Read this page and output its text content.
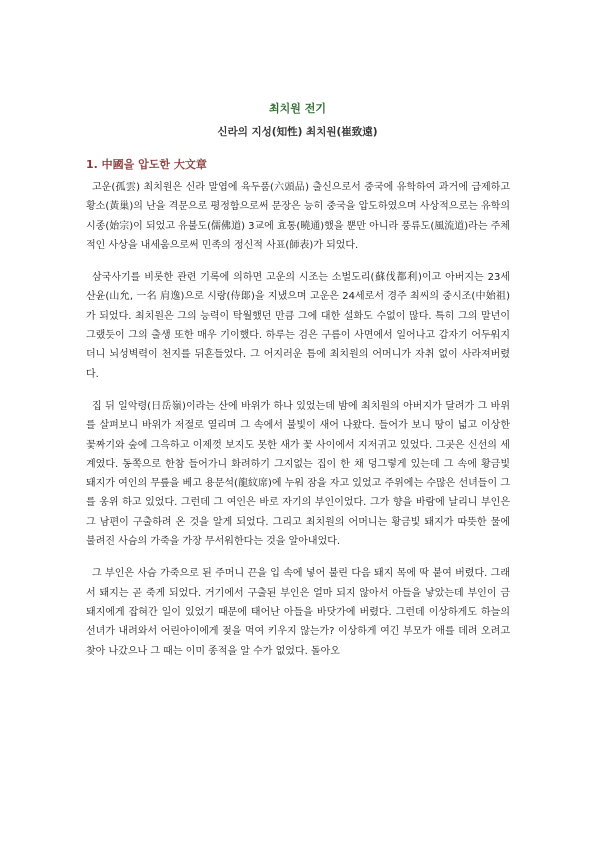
최치원 전기
신라의 지성(知性) 최치원(崔致遠)
1. 中國을 압도한 大文章

고운(孤雲) 최치원은 신라 말엽에 육두품(六頭品) 출신으로서 중국에 유학하여 과거에 급제하고 황소(黃巢)의 난을 격문으로 평정함으로써 문장은 능히 중국을 압도하였으며 사상적으로는 유학의 시종(始宗)이 되었고 유불도(儒佛道) 3교에 효통(曉通)했을 뿐만 아니라 풍류도(風流道)라는 주체적인 사상을 내세움으로써 민족의 정신적 사표(師表)가 되었다.

삼국사기를 비롯한 관련 기록에 의하면 고운의 시조는 소벌도리(蘇伐都利)이고 아버지는 23세 산윤(山允, 一名 肩逸)으로 시랑(侍郞)을 지냈으며 고운은 24세로서 경주 최씨의 중시조(中始祖)가 되었다. 최치원은 그의 능력이 탁월했던 만큼 그에 대한 설화도 수없이 많다. 특히 그의 말년이 그랬듯이 그의 출생 또한 매우 기이했다. 하루는 검은 구름이 사면에서 일어나고 갑자기 어두워지더니 뇌성벽력이 천지를 뒤흔들었다. 그 어지러운 틈에 최치원의 어머니가 자취 없이 사라져버렸다.

집 뒤 일악령(日岳嶺)이라는 산에 바위가 하나 있었는데 밤에 최치원의 아버지가 달려가 그 바위를 살펴보니 바위가 저절로 열리며 그 속에서 불빛이 새어 나왔다. 들어가 보니 땅이 넓고 이상한 꽃짜기와 숲에 그윽하고 이제껏 보지도 못한 새가 꽃 사이에서 지저귀고 있었다. 그곳은 신선의 세계였다. 동쪽으로 한참 들어가니 화려하기 그지없는 집이 한 채 덩그렇게 있는데 그 속에 황금빛 돼지가 여인의 무릎을 베고 용문석(龍紋席)에 누워 잠을 자고 있었고 주위에는 수많은 선녀들이 그를 옹위 하고 있었다. 그런데 그 여인은 바로 자기의 부인이었다. 그가 향을 바람에 날리니 부인은 그 남편이 구출하려 온 것을 알게 되었다. 그리고 최치원의 어머니는 황금빛 돼지가 따뜻한 물에 불려진 사슴의 가죽을 가장 무서워한다는 것을 알아내었다.

그 부인은 사슴 가죽으로 된 주머니 끈을 입 속에 넣어 불린 다음 돼지 목에 딱 붙여 버렸다. 그래서 돼지는 곧 죽게 되었다. 거기에서 구출된 부인은 얼마 되지 않아서 아들을 낳았는데 부인이 금 돼지에게 잡혀간 일이 있었기 때문에 태어난 아들을 바닷가에 버렸다. 그런데 이상하게도 하늘의 선녀가 내려와서 어린아이에게 젖을 먹여 키우지 않는가? 이상하게 여긴 부모가 애를 데려 오려고 찾아 나갔으나 그 때는 이미 종적을 알 수가 없었다. 돌아오
